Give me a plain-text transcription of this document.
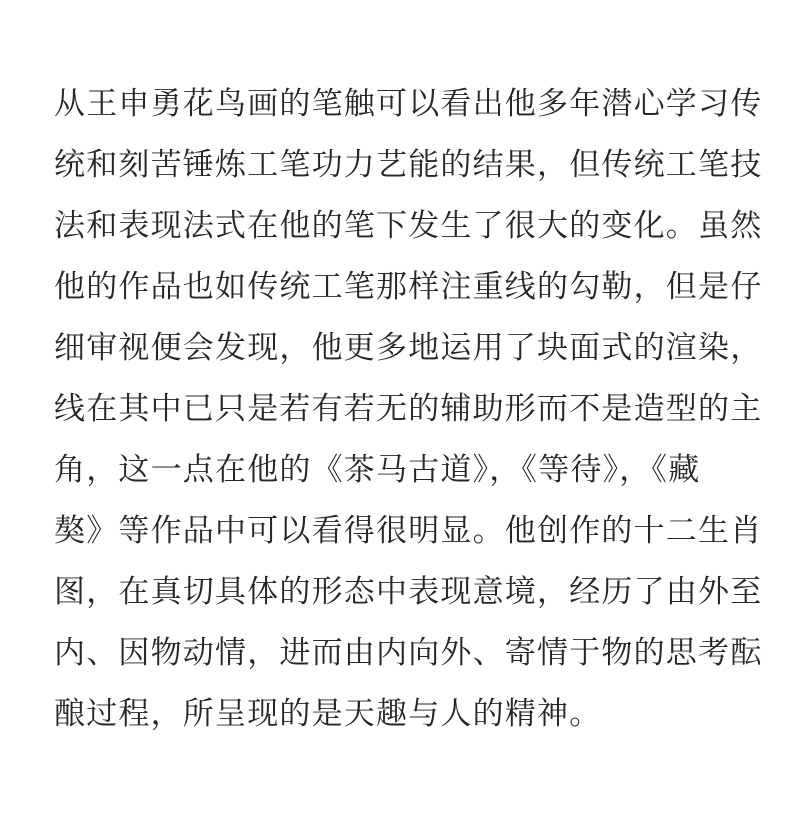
从王申勇花鸟画的笔触可以看出他多年潜心学习传
统和刻苦锤炼工笔功力艺能的结果，但传统工笔技
法和表现法式在他的笔下发生了很大的变化。虽然
他的作品也如传统工笔那样注重线的勾勒，但是仔
细审视便会发现，他更多地运用了块面式的渲染，
线在其中已只是若有若无的辅助形而不是造型的主
角，这一点在他的《茶马古道》，《等待》，《藏
獒》等作品中可以看得很明显。他创作的十二生肖
图，在真切具体的形态中表现意境，经历了由外至
内、因物动情，进而由内向外、寄情于物的思考酝
酿过程，所呈现的是天趣与人的精神。
